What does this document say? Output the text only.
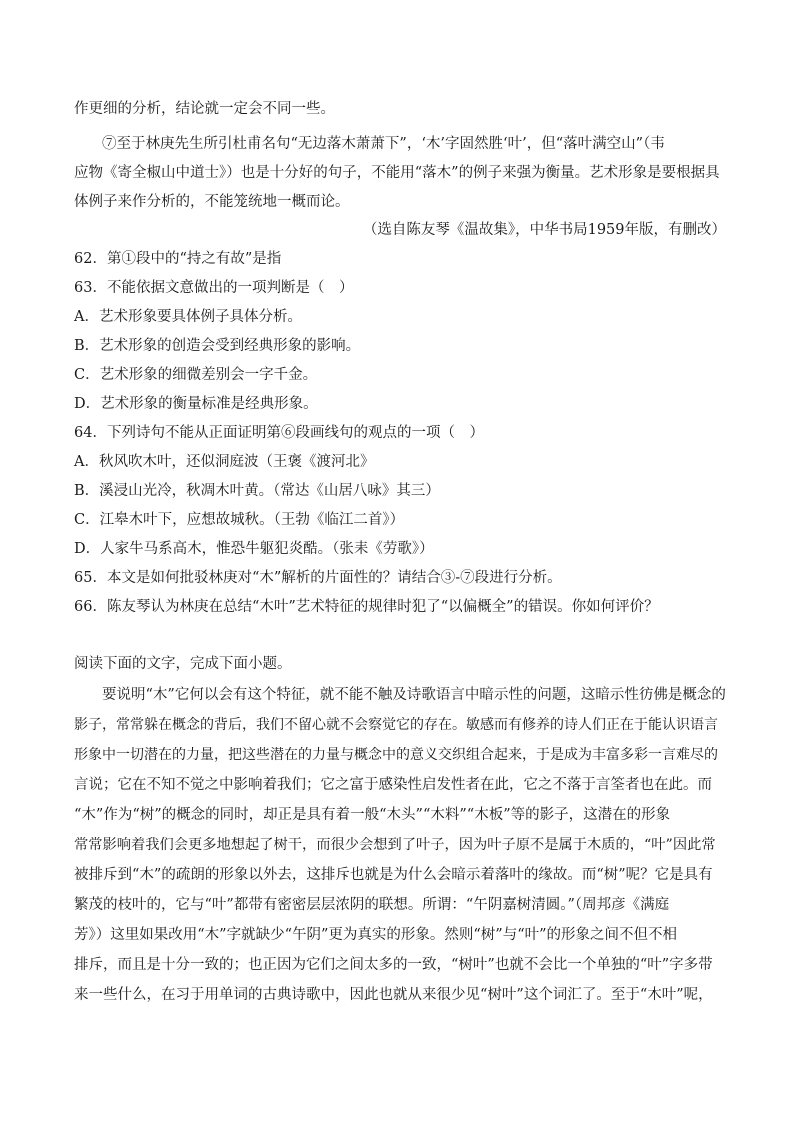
作更细的分析，结论就一定会不同一些。
⑦至于林庚先生所引杜甫名句“无边落木萧萧下”，‘木’字固然胜‘叶’，但“落叶满空山”（韦
应物《寄全椒山中道士》）也是十分好的句子，不能用“落木”的例子来强为衡量。艺术形象是要根据具
体例子来作分析的，不能笼统地一概而论。
（选自陈友琴《温故集》，中华书局1959年版，有删改）
62．第①段中的“持之有故”是指
63．不能依据文意做出的一项判断是（　）
A．艺术形象要具体例子具体分析。
B．艺术形象的创造会受到经典形象的影响。
C．艺术形象的细微差别会一字千金。
D．艺术形象的衡量标准是经典形象。
64．下列诗句不能从正面证明第⑥段画线句的观点的一项（　）
A．秋风吹木叶，还似洞庭波（王褒《渡河北》
B．溪浸山光冷，秋凋木叶黄。（常达《山居八咏》其三）
C．江皋木叶下，应想故城秋。（王勃《临江二首》）
D．人家牛马系高木，惟恐牛躯犯炎酷。（张耒《劳歌》）
65．本文是如何批驳林庚对“木”解析的片面性的？请结合③-⑦段进行分析。
66．陈友琴认为林庚在总结“木叶”艺术特征的规律时犯了“以偏概全”的错误。你如何评价？
阅读下面的文字，完成下面小题。
要说明“木”它何以会有这个特征，就不能不触及诗歌语言中暗示性的问题，这暗示性彷佛是概念的
影子，常常躲在概念的背后，我们不留心就不会察觉它的存在。敏感而有修养的诗人们正在于能认识语言
形象中一切潜在的力量，把这些潜在的力量与概念中的意义交织组合起来，于是成为丰富多彩一言难尽的
言说；它在不知不觉之中影响着我们；它之富于感染性启发性者在此，它之不落于言筌者也在此。而
“木”作为“树”的概念的同时，却正是具有着一般“木头”“木料”“木板”等的影子，这潜在的形象
常常影响着我们会更多地想起了树干，而很少会想到了叶子，因为叶子原不是属于木质的，“叶”因此常
被排斥到“木”的疏朗的形象以外去，这排斥也就是为什么会暗示着落叶的缘故。而“树”呢？它是具有
繁茂的枝叶的，它与“叶”都带有密密层层浓阴的联想。所谓：“午阴嘉树清圆。”（周邦彦《满庭
芳》）这里如果改用“木”字就缺少“午阴”更为真实的形象。然则“树”与“叶”的形象之间不但不相
排斥，而且是十分一致的；也正因为它们之间太多的一致，“树叶”也就不会比一个单独的“叶”字多带
来一些什么，在习于用单词的古典诗歌中，因此也就从来很少见“树叶”这个词汇了。至于“木叶”呢，
